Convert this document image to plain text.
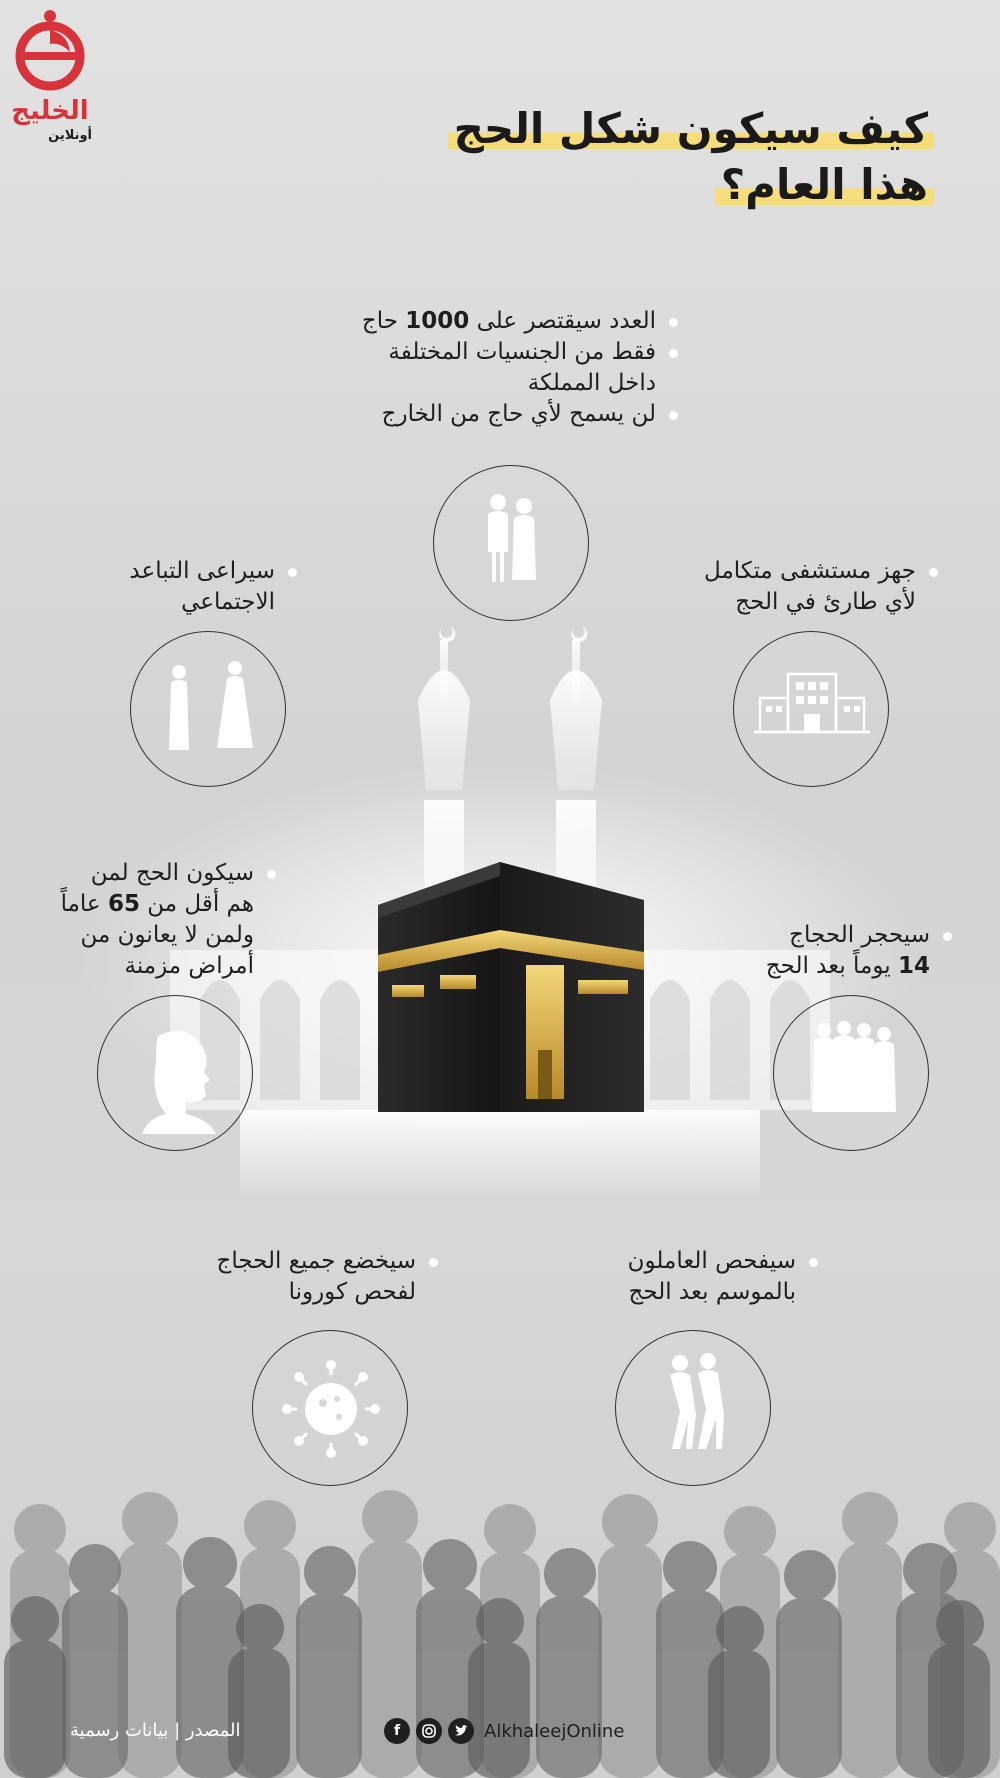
الخليج
أونلاين	كيف سيكون شكل الحج
هذا العام؟
العدد سيقتصر على 1000 حاج
فقط من الجنسيات المختلفة
داخل المملكة
لن يسمح لأي حاج من الخارج
جهز مستشفى متكامل
لأي طارئ في الحج
سيراعى التباعد
الاجتماعي
سيكون الحج لمن
هم أقل من 65 عاماً
ولمن لا يعانون من
أمراض مزمنة
سيحجر الحجاج
14 يوماً بعد الحج
سيفحص العاملون
بالموسم بعد الحج
سيخضع جميع الحجاج
لفحص كورونا
المصدر | بيانات رسمية	f	AlkhaleejOnline
